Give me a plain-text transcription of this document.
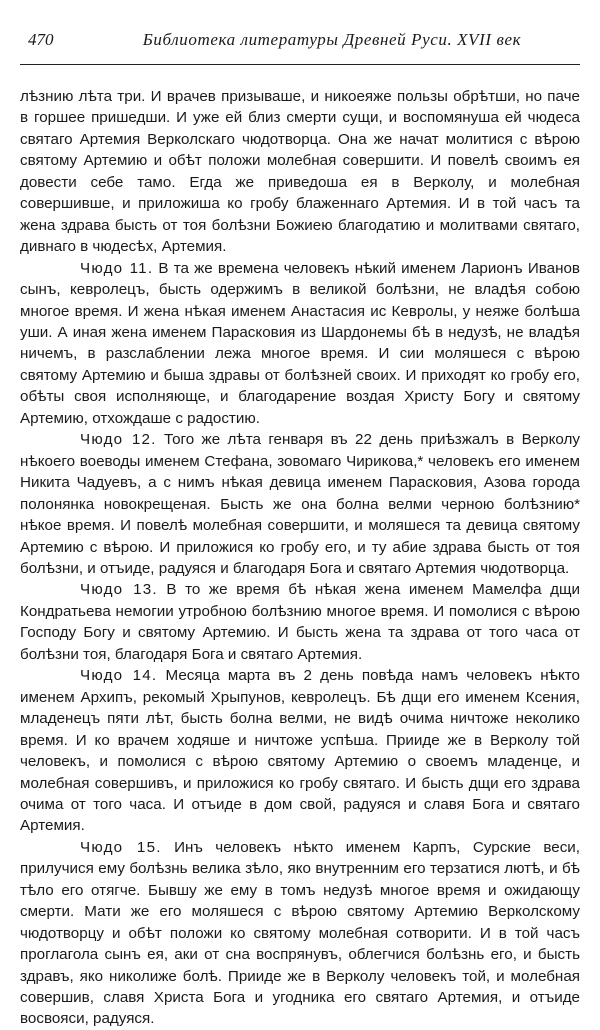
470	Библиотека литературы Древней Руси. XVII век

лѣзнию лѣта три. И врачев призываше, и никоеяже пользы обрѣтши, но паче в горшее пришедши. И уже ей близ смерти сущи, и воспомянуша ей чюдеса святаго Артемия Верколскагo чюдотворца. Она же начат молитися с вѣрою святому Артемию и обѣт положи молебная совершити. И повелѣ своимъ ея довести себе тамо. Егда же приведоша ея в Верколу, и молебная совершивше, и приложиша ко гробу блаженнаго Артемия. И в той часъ та жена здрава бысть от тоя болѣзни Божиею благодатию и молитвами святаго, дивнаго в чюдесѣх, Артемия.

Чюдо 11. В та же времена человекъ нѣкий именем Ларионъ Иванов сынъ, кевролецъ, бысть одержимъ в великой болѣзни, не владѣя собою многое время. И жена нѣкая именем Анастасия ис Кевролы, у неяже болѣша уши. А иная жена именем Парасковия из Шардонемы бѣ в недузѣ, не владѣя ничемъ, в разслаблении лежа многое время. И сии моляшеся с вѣрою святому Артемию и быша здравы от болѣзней своих. И приходят ко гробу его, обѣты своя исполняюще, и благодарение воздая Христу Богу и святому Артемию, отхождаше с радостию.

Чюдо 12. Того же лѣта генваря въ 22 день приѣзжалъ в Верколу нѣкоего воеводы именем Стефана, зовомаго Чирикова,* человекъ его именем Никита Чадуевъ, а с нимъ нѣкая девица именем Парасковия, Азова города полонянка новокрещеная. Бысть же она болна велми черною болѣзнию* нѣкое время. И повелѣ молебная совершити, и моляшеся та девица святому Артемию с вѣрою. И приложися ко гробу его, и ту абие здрава бысть от тоя болѣзни, и отъиде, радуяся и благодаря Бога и святаго Артемия чюдотворца.

Чюдо 13. В то же время бѣ нѣкая жена именем Мамелфа дщи Кондратьева немогии утробною болѣзнию многое время. И помолися с вѣрою Господу Богу и святому Артемию. И бысть жена та здрава от того часа от болѣзни тоя, благодаря Бога и святаго Артемия.

Чюдо 14. Месяца марта въ 2 день повѣда намъ человекъ нѣкто именем Архипъ, рекомый Хрыпунов, кевролецъ. Бѣ дщи его именем Ксения, младенецъ пяти лѣт, бысть болна велми, не видѣ очима ничтоже неколико время. И ко врачем ходяше и ничтоже успѣша. Прииде же в Верколу той человекъ, и помолися с вѣрою святому Артемию о своемъ младенце, и молебная совершивъ, и приложися ко гробу святаго. И бысть дщи его здрава очима от того часа. И отъиде в дом свой, радуяся и славя Бога и святаго Артемия.

Чюдо 15. Инъ человекъ нѣкто именем Карпъ, Сурские веси, прилучися ему болѣзнь велика зѣло, яко внутренним его терзатися лютѣ, и бѣ тѣло его отягче. Бывшу же ему в томъ недузѣ многое время и ожидающу смерти. Мати же его моляшеся с вѣрою святому Артемию Верколскому чюдотворцу и обѣт положи ко святому молебная сотворити. И в той часъ проглагола сынъ ея, аки от сна воспрянувъ, облегчися болѣзнь его, и бысть здравъ, яко николиже болѣ. Прииде же в Верколу человекъ той, и молебная совершив, славя Христа Бога и угодника его святаго Артемия, и отъиде восвояси, радуяся.
